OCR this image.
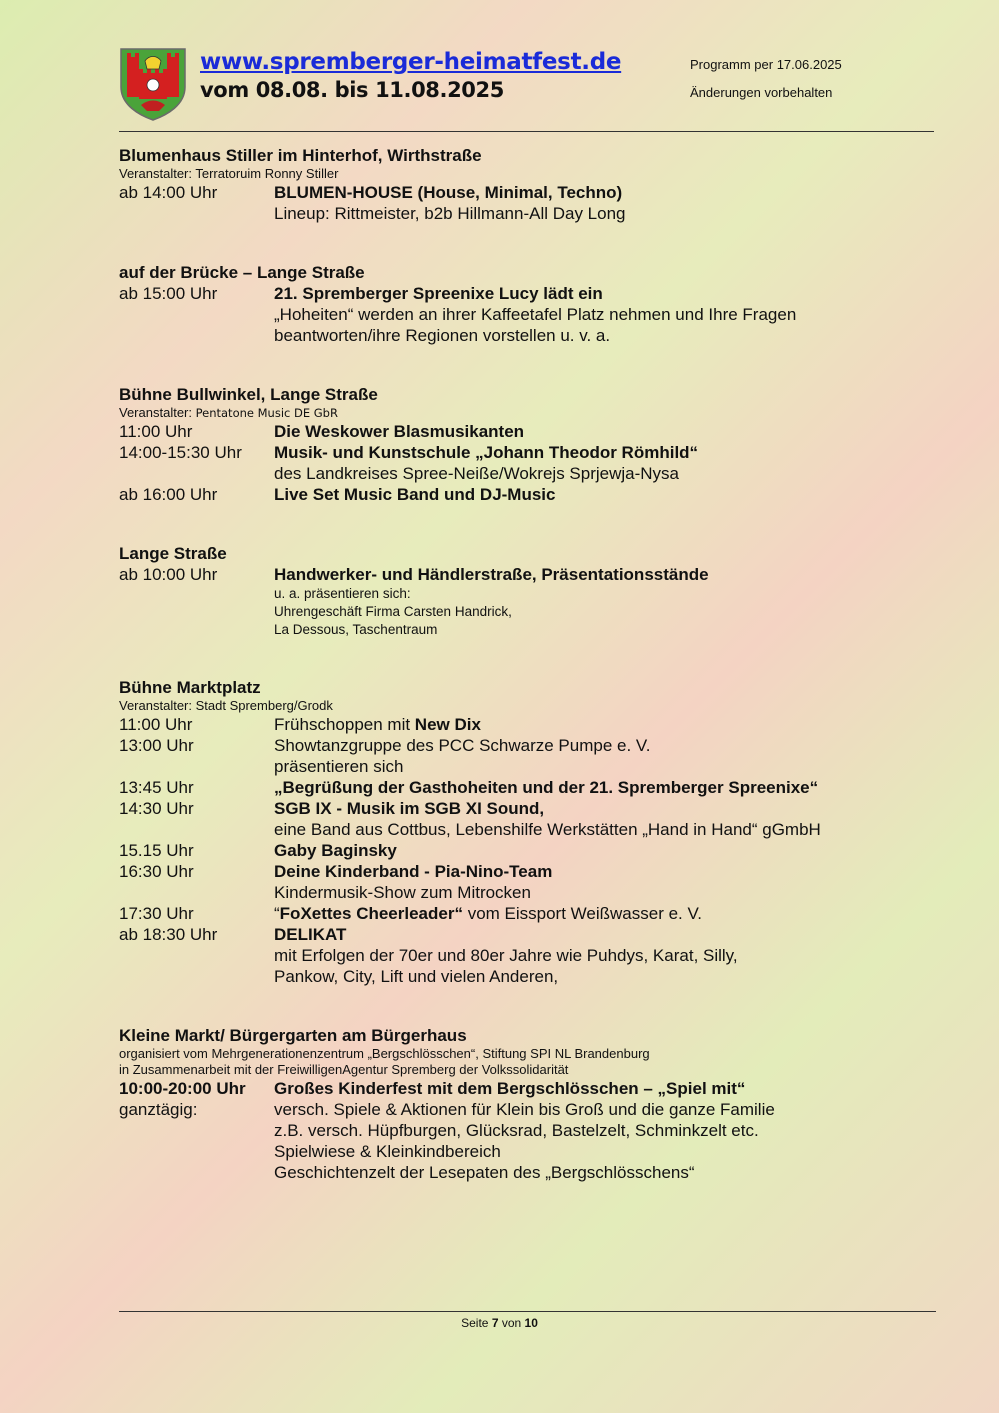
www.spremberger-heimatfest.de
vom 08.08. bis 11.08.2025
Programm per 17.06.2025
Änderungen vorbehalten
Blumenhaus Stiller im Hinterhof, Wirthstraße
Veranstalter: Terratoruim Ronny Stiller
ab 14:00 Uhr	BLUMEN-HOUSE (House, Minimal, Techno)
Lineup: Rittmeister, b2b Hillmann-All Day Long
auf der Brücke – Lange Straße
ab 15:00 Uhr	21. Spremberger Spreenixe Lucy lädt ein
„Hoheiten“ werden an ihrer Kaffeetafel Platz nehmen und Ihre Fragen
beantworten/ihre Regionen vorstellen u. v. a.
Bühne Bullwinkel, Lange Straße
Veranstalter: Pentatone Music DE GbR
11:00 Uhr	Die Weskower Blasmusikanten
14:00-15:30 Uhr	Musik- und Kunstschule „Johann Theodor Römhild“
des Landkreises Spree-Neiße/Wokrejs Sprjewja-Nysa
ab 16:00 Uhr	Live Set Music Band und DJ-Music
Lange Straße
ab 10:00 Uhr	Handwerker- und Händlerstraße, Präsentationsstände
u. a. präsentieren sich:
Uhrengeschäft Firma Carsten Handrick,
La Dessous, Taschentraum
Bühne Marktplatz
Veranstalter: Stadt Spremberg/Grodk
11:00 Uhr	Frühschoppen mit New Dix
13:00 Uhr	Showtanzgruppe des PCC Schwarze Pumpe e. V.
präsentieren sich
13:45 Uhr	„Begrüßung der Gasthoheiten und der 21. Spremberger Spreenixe“
14:30 Uhr	SGB IX - Musik im SGB XI Sound,
eine Band aus Cottbus, Lebenshilfe Werkstätten „Hand in Hand“ gGmbH
15.15 Uhr	Gaby Baginsky
16:30 Uhr	Deine Kinderband - Pia-Nino-Team
Kindermusik-Show zum Mitrocken
17:30 Uhr	“FoXettes Cheerleader“ vom Eissport Weißwasser e. V.
ab 18:30 Uhr	DELIKAT
mit Erfolgen der 70er und 80er Jahre wie Puhdys, Karat, Silly,
Pankow, City, Lift und vielen Anderen,
Kleine Markt/ Bürgergarten am Bürgerhaus
organisiert vom Mehrgenerationenzentrum „Bergschlösschen“, Stiftung SPI NL Brandenburg
in Zusammenarbeit mit der FreiwilligenAgentur Spremberg der Volkssolidarität
10:00-20:00 Uhr	Großes Kinderfest mit dem Bergschlösschen – „Spiel mit“
ganztägig:	versch. Spiele & Aktionen für Klein bis Groß und die ganze Familie
z.B. versch. Hüpfburgen, Glücksrad, Bastelzelt, Schminkzelt etc.
Spielwiese & Kleinkindbereich
Geschichtenzelt der Lesepaten des „Bergschlösschens“
Seite 7 von 10
